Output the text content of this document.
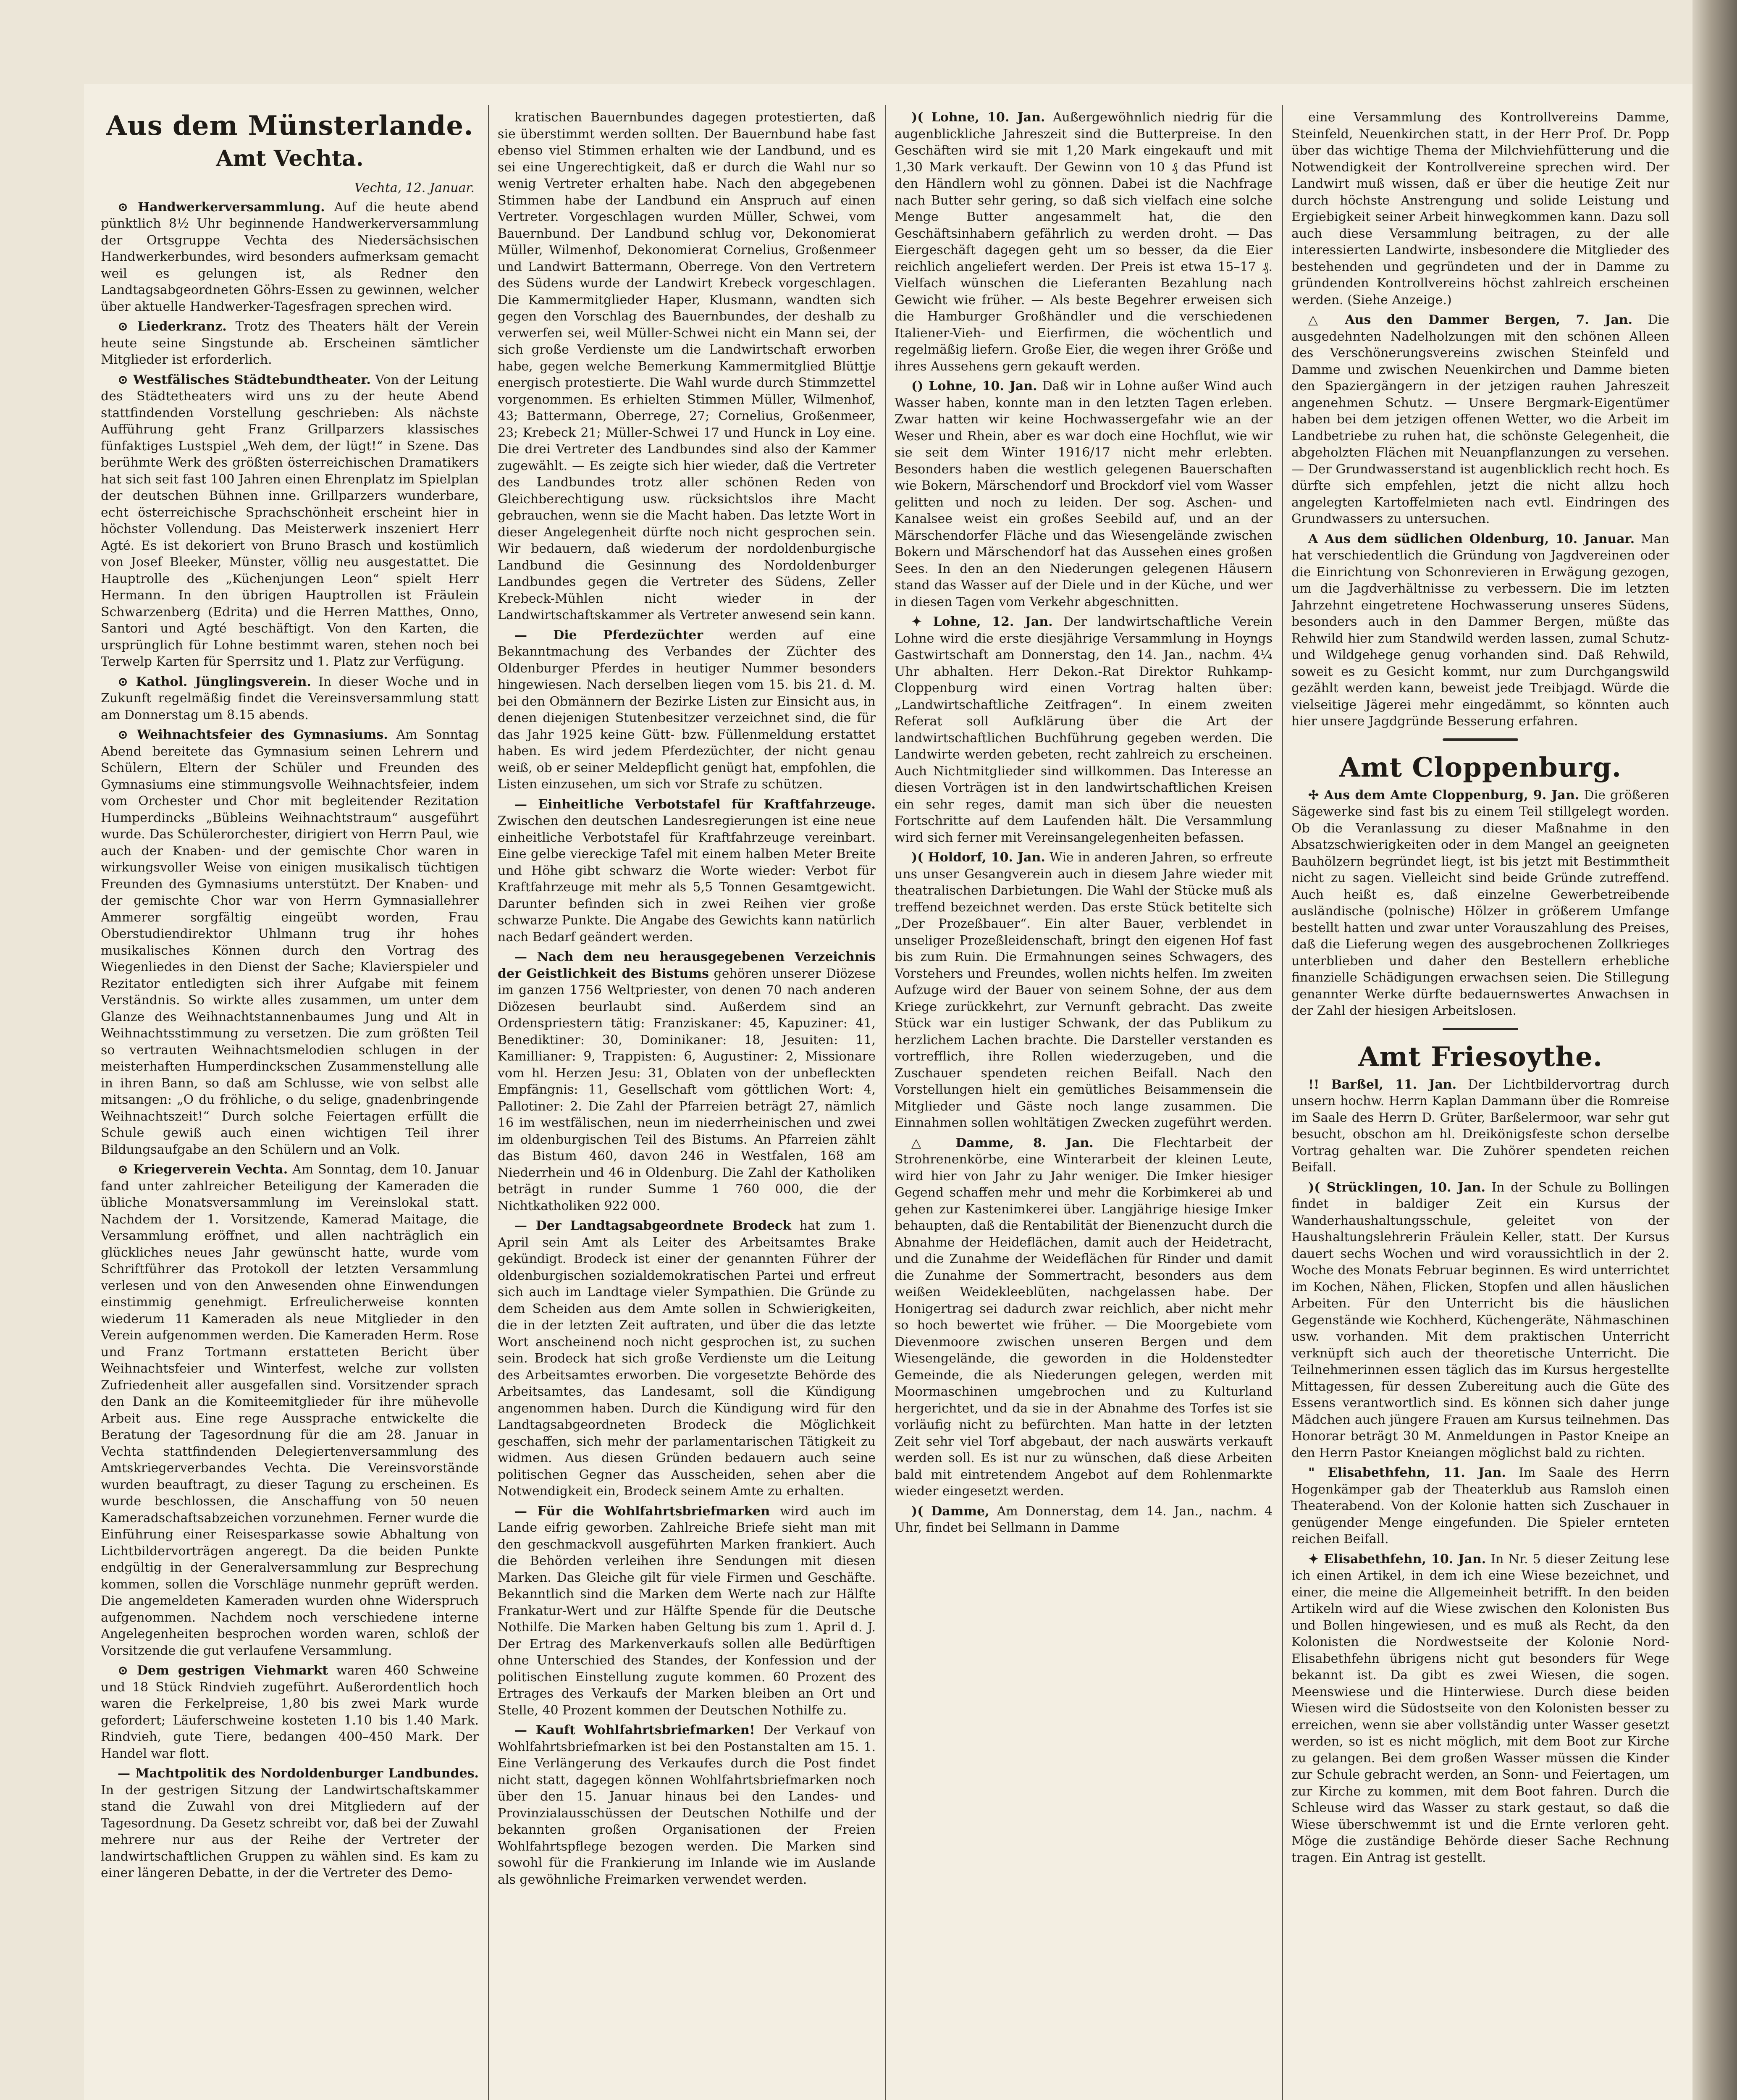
Aus dem Münsterlande.
Amt Vechta.
Vechta, 12. Januar.

⊙ Handwerkerversammlung. Auf die heute abend pünktlich 8½ Uhr beginnende Handwerkerversammlung der Ortsgruppe Vechta des Niedersächsischen Handwerkerbundes, wird besonders aufmerksam gemacht weil es gelungen ist, als Redner den Landtagsabgeordneten Göhrs-Essen zu gewinnen, welcher über aktuelle Handwerker-Tagesfragen sprechen wird.

⊙ Liederkranz. Trotz des Theaters hält der Verein heute seine Singstunde ab. Erscheinen sämtlicher Mitglieder ist erforderlich.

⊙ Westfälisches Städtebundtheater. Von der Leitung des Städtetheaters wird uns zu der heute Abend stattfindenden Vorstellung geschrieben: Als nächste Aufführung geht Franz Grillparzers klassisches fünfaktiges Lustspiel „Weh dem, der lügt!“ in Szene. Das berühmte Werk des größten österreichischen Dramatikers hat sich seit fast 100 Jahren einen Ehrenplatz im Spielplan der deutschen Bühnen inne. Grillparzers wunderbare, echt österreichische Sprachschönheit erscheint hier in höchster Vollendung. Das Meisterwerk inszeniert Herr Agté. Es ist dekoriert von Bruno Brasch und kostümlich von Josef Bleeker, Münster, völlig neu ausgestattet. Die Hauptrolle des „Küchenjungen Leon“ spielt Herr Hermann. In den übrigen Hauptrollen ist Fräulein Schwarzenberg (Edrita) und die Herren Matthes, Onno, Santori und Agté beschäftigt. Von den Karten, die ursprünglich für Lohne bestimmt waren, stehen noch bei Terwelp Karten für Sperrsitz und 1. Platz zur Verfügung.

⊙ Kathol. Jünglingsverein. In dieser Woche und in Zukunft regelmäßig findet die Vereinsversammlung statt am Donnerstag um 8.15 abends.

⊙ Weihnachtsfeier des Gymnasiums. Am Sonntag Abend bereitete das Gymnasium seinen Lehrern und Schülern, Eltern der Schüler und Freunden des Gymnasiums eine stimmungsvolle Weihnachtsfeier, indem vom Orchester und Chor mit begleitender Rezitation Humperdincks „Bübleins Weihnachtstraum“ ausgeführt wurde. Das Schülerorchester, dirigiert von Herrn Paul, wie auch der Knaben- und der gemischte Chor waren in wirkungsvoller Weise von einigen musikalisch tüchtigen Freunden des Gymnasiums unterstützt. Der Knaben- und der gemischte Chor war von Herrn Gymnasiallehrer Ammerer sorgfältig eingeübt worden, Frau Oberstudiendirektor Uhlmann trug ihr hohes musikalisches Können durch den Vortrag des Wiegenliedes in den Dienst der Sache; Klavierspieler und Rezitator entledigten sich ihrer Aufgabe mit feinem Verständnis. So wirkte alles zusammen, um unter dem Glanze des Weihnachtstannenbaumes Jung und Alt in Weihnachtsstimmung zu versetzen. Die zum größten Teil so vertrauten Weihnachtsmelodien schlugen in der meisterhaften Humperdinckschen Zusammenstellung alle in ihren Bann, so daß am Schlusse, wie von selbst alle mitsangen: „O du fröhliche, o du selige, gnadenbringende Weihnachtszeit!“ Durch solche Feiertagen erfüllt die Schule gewiß auch einen wichtigen Teil ihrer Bildungsaufgabe an den Schülern und an Volk.

⊙ Kriegerverein Vechta. Am Sonntag, dem 10. Januar fand unter zahlreicher Beteiligung der Kameraden die übliche Monatsversammlung im Vereinslokal statt. Nachdem der 1. Vorsitzende, Kamerad Maitage, die Versammlung eröffnet, und allen nachträglich ein glückliches neues Jahr gewünscht hatte, wurde vom Schriftführer das Protokoll der letzten Versammlung verlesen und von den Anwesenden ohne Einwendungen einstimmig genehmigt. Erfreulicherweise konnten wiederum 11 Kameraden als neue Mitglieder in den Verein aufgenommen werden. Die Kameraden Herm. Rose und Franz Tortmann erstatteten Bericht über Weihnachtsfeier und Winterfest, welche zur vollsten Zufriedenheit aller ausgefallen sind. Vorsitzender sprach den Dank an die Komiteemitglieder für ihre mühevolle Arbeit aus. Eine rege Aussprache entwickelte die Beratung der Tagesordnung für die am 28. Januar in Vechta stattfindenden Delegiertenversammlung des Amtskriegerverbandes Vechta. Die Vereinsvorstände wurden beauftragt, zu dieser Tagung zu erscheinen. Es wurde beschlossen, die Anschaffung von 50 neuen Kameradschaftsabzeichen vorzunehmen. Ferner wurde die Einführung einer Reisesparkasse sowie Abhaltung von Lichtbildervorträgen angeregt. Da die beiden Punkte endgültig in der Generalversammlung zur Besprechung kommen, sollen die Vorschläge nunmehr geprüft werden. Die angemeldeten Kameraden wurden ohne Widerspruch aufgenommen. Nachdem noch verschiedene interne Angelegenheiten besprochen worden waren, schloß der Vorsitzende die gut verlaufene Versammlung.

⊙ Dem gestrigen Viehmarkt waren 460 Schweine und 18 Stück Rindvieh zugeführt. Außerordentlich hoch waren die Ferkelpreise, 1,80 bis zwei Mark wurde gefordert; Läuferschweine kosteten 1.10 bis 1.40 Mark. Rindvieh, gute Tiere, bedangen 400–450 Mark. Der Handel war flott.

— Machtpolitik des Nordoldenburger Landbundes. In der gestrigen Sitzung der Landwirtschaftskammer stand die Zuwahl von drei Mitgliedern auf der Tagesordnung. Da Gesetz schreibt vor, daß bei der Zuwahl mehrere nur aus der Reihe der Vertreter der landwirtschaftlichen Gruppen zu wählen sind. Es kam zu einer längeren Debatte, in der die Vertreter des Demo-

kratischen Bauernbundes dagegen protestierten, daß sie überstimmt werden sollten. Der Bauernbund habe fast ebenso viel Stimmen erhalten wie der Landbund, und es sei eine Ungerechtigkeit, daß er durch die Wahl nur so wenig Vertreter erhalten habe. Nach den abgegebenen Stimmen habe der Landbund ein Anspruch auf einen Vertreter. Vorgeschlagen wurden Müller, Schwei, vom Bauernbund. Der Landbund schlug vor, Dekonomierat Müller, Wilmenhof, Dekonomierat Cornelius, Großenmeer und Landwirt Battermann, Oberrege. Von den Vertretern des Südens wurde der Landwirt Krebeck vorgeschlagen. Die Kammermitglieder Haper, Klusmann, wandten sich gegen den Vorschlag des Bauernbundes, der deshalb zu verwerfen sei, weil Müller-Schwei nicht ein Mann sei, der sich große Verdienste um die Landwirtschaft erworben habe, gegen welche Bemerkung Kammermitglied Blüttje energisch protestierte. Die Wahl wurde durch Stimmzettel vorgenommen. Es erhielten Stimmen Müller, Wilmenhof, 43; Battermann, Oberrege, 27; Cornelius, Großenmeer, 23; Krebeck 21; Müller-Schwei 17 und Hunck in Loy eine. Die drei Vertreter des Landbundes sind also der Kammer zugewählt. — Es zeigte sich hier wieder, daß die Vertreter des Landbundes trotz aller schönen Reden von Gleichberechtigung usw. rücksichtslos ihre Macht gebrauchen, wenn sie die Macht haben. Das letzte Wort in dieser Angelegenheit dürfte noch nicht gesprochen sein. Wir bedauern, daß wiederum der nordoldenburgische Landbund die Gesinnung des Nordoldenburger Landbundes gegen die Vertreter des Südens, Zeller Krebeck-Mühlen nicht wieder in der Landwirtschaftskammer als Vertreter anwesend sein kann.

— Die Pferdezüchter werden auf eine Bekanntmachung des Verbandes der Züchter des Oldenburger Pferdes in heutiger Nummer besonders hingewiesen. Nach derselben liegen vom 15. bis 21. d. M. bei den Obmännern der Bezirke Listen zur Einsicht aus, in denen diejenigen Stutenbesitzer verzeichnet sind, die für das Jahr 1925 keine Gütt- bzw. Füllenmeldung erstattet haben. Es wird jedem Pferdezüchter, der nicht genau weiß, ob er seiner Meldepflicht genügt hat, empfohlen, die Listen einzusehen, um sich vor Strafe zu schützen.

— Einheitliche Verbotstafel für Kraftfahrzeuge. Zwischen den deutschen Landesregierungen ist eine neue einheitliche Verbotstafel für Kraftfahrzeuge vereinbart. Eine gelbe viereckige Tafel mit einem halben Meter Breite und Höhe gibt schwarz die Worte wieder: Verbot für Kraftfahrzeuge mit mehr als 5,5 Tonnen Gesamtgewicht. Darunter befinden sich in zwei Reihen vier große schwarze Punkte. Die Angabe des Gewichts kann natürlich nach Bedarf geändert werden.

— Nach dem neu herausgegebenen Verzeichnis der Geistlichkeit des Bistums gehören unserer Diözese im ganzen 1756 Weltpriester, von denen 70 nach anderen Diözesen beurlaubt sind. Außerdem sind an Ordenspriestern tätig: Franziskaner: 45, Kapuziner: 41, Benediktiner: 30, Dominikaner: 18, Jesuiten: 11, Kamillianer: 9, Trappisten: 6, Augustiner: 2, Missionare vom hl. Herzen Jesu: 31, Oblaten von der unbefleckten Empfängnis: 11, Gesellschaft vom göttlichen Wort: 4, Pallotiner: 2. Die Zahl der Pfarreien beträgt 27, nämlich 16 im westfälischen, neun im niederrheinischen und zwei im oldenburgischen Teil des Bistums. An Pfarreien zählt das Bistum 460, davon 246 in Westfalen, 168 am Niederrhein und 46 in Oldenburg. Die Zahl der Katholiken beträgt in runder Summe 1 760 000, die der Nichtkatholiken 922 000.

— Der Landtagsabgeordnete Brodeck hat zum 1. April sein Amt als Leiter des Arbeitsamtes Brake gekündigt. Brodeck ist einer der genannten Führer der oldenburgischen sozialdemokratischen Partei und erfreut sich auch im Landtage vieler Sympathien. Die Gründe zu dem Scheiden aus dem Amte sollen in Schwierigkeiten, die in der letzten Zeit auftraten, und über die das letzte Wort anscheinend noch nicht gesprochen ist, zu suchen sein. Brodeck hat sich große Verdienste um die Leitung des Arbeitsamtes erworben. Die vorgesetzte Behörde des Arbeitsamtes, das Landesamt, soll die Kündigung angenommen haben. Durch die Kündigung wird für den Landtagsabgeordneten Brodeck die Möglichkeit geschaffen, sich mehr der parlamentarischen Tätigkeit zu widmen. Aus diesen Gründen bedauern auch seine politischen Gegner das Ausscheiden, sehen aber die Notwendigkeit ein, Brodeck seinem Amte zu erhalten.

— Für die Wohlfahrtsbriefmarken wird auch im Lande eifrig geworben. Zahlreiche Briefe sieht man mit den geschmackvoll ausgeführten Marken frankiert. Auch die Behörden verleihen ihre Sendungen mit diesen Marken. Das Gleiche gilt für viele Firmen und Geschäfte. Bekanntlich sind die Marken dem Werte nach zur Hälfte Frankatur-Wert und zur Hälfte Spende für die Deutsche Nothilfe. Die Marken haben Geltung bis zum 1. April d. J. Der Ertrag des Markenverkaufs sollen alle Bedürftigen ohne Unterschied des Standes, der Konfession und der politischen Einstellung zugute kommen. 60 Prozent des Ertrages des Verkaufs der Marken bleiben an Ort und Stelle, 40 Prozent kommen der Deutschen Nothilfe zu.

— Kauft Wohlfahrtsbriefmarken! Der Verkauf von Wohlfahrtsbriefmarken ist bei den Postanstalten am 15. 1. Eine Verlängerung des Verkaufes durch die Post findet nicht statt, dagegen können Wohlfahrtsbriefmarken noch über den 15. Januar hinaus bei den Landes- und Provinzialausschüssen der Deutschen Nothilfe und der bekannten großen Organisationen der Freien Wohlfahrtspflege bezogen werden. Die Marken sind sowohl für die Frankierung im Inlande wie im Auslande als gewöhnliche Freimarken verwendet werden.

)( Lohne, 10. Jan. Außergewöhnlich niedrig für die augenblickliche Jahreszeit sind die Butterpreise. In den Geschäften wird sie mit 1,20 Mark eingekauft und mit 1,30 Mark verkauft. Der Gewinn von 10 ₰ das Pfund ist den Händlern wohl zu gönnen. Dabei ist die Nachfrage nach Butter sehr gering, so daß sich vielfach eine solche Menge Butter angesammelt hat, die den Geschäftsinhabern gefährlich zu werden droht. — Das Eiergeschäft dagegen geht um so besser, da die Eier reichlich angeliefert werden. Der Preis ist etwa 15–17 ₰. Vielfach wünschen die Lieferanten Bezahlung nach Gewicht wie früher. — Als beste Begehrer erweisen sich die Hamburger Großhändler und die verschiedenen Italiener-Vieh- und Eierfirmen, die wöchentlich und regelmäßig liefern. Große Eier, die wegen ihrer Größe und ihres Aussehens gern gekauft werden.

() Lohne, 10. Jan. Daß wir in Lohne außer Wind auch Wasser haben, konnte man in den letzten Tagen erleben. Zwar hatten wir keine Hochwassergefahr wie an der Weser und Rhein, aber es war doch eine Hochflut, wie wir sie seit dem Winter 1916/17 nicht mehr erlebten. Besonders haben die westlich gelegenen Bauerschaften wie Bokern, Märschendorf und Brockdorf viel vom Wasser gelitten und noch zu leiden. Der sog. Aschen- und Kanalsee weist ein großes Seebild auf, und an der Märschendorfer Fläche und das Wiesengelände zwischen Bokern und Märschendorf hat das Aussehen eines großen Sees. In den an den Niederungen gelegenen Häusern stand das Wasser auf der Diele und in der Küche, und wer in diesen Tagen vom Verkehr abgeschnitten.

✦ Lohne, 12. Jan. Der landwirtschaftliche Verein Lohne wird die erste diesjährige Versammlung in Hoyngs Gastwirtschaft am Donnerstag, den 14. Jan., nachm. 4¼ Uhr abhalten. Herr Dekon.-Rat Direktor Ruhkamp-Cloppenburg wird einen Vortrag halten über: „Landwirtschaftliche Zeitfragen“. In einem zweiten Referat soll Aufklärung über die Art der landwirtschaftlichen Buchführung gegeben werden. Die Landwirte werden gebeten, recht zahlreich zu erscheinen. Auch Nichtmitglieder sind willkommen. Das Interesse an diesen Vorträgen ist in den landwirtschaftlichen Kreisen ein sehr reges, damit man sich über die neuesten Fortschritte auf dem Laufenden hält. Die Versammlung wird sich ferner mit Vereinsangelegenheiten befassen.

)( Holdorf, 10. Jan. Wie in anderen Jahren, so erfreute uns unser Gesangverein auch in diesem Jahre wieder mit theatralischen Darbietungen. Die Wahl der Stücke muß als treffend bezeichnet werden. Das erste Stück betitelte sich „Der Prozeßbauer“. Ein alter Bauer, verblendet in unseliger Prozeßleidenschaft, bringt den eigenen Hof fast bis zum Ruin. Die Ermahnungen seines Schwagers, des Vorstehers und Freundes, wollen nichts helfen. Im zweiten Aufzuge wird der Bauer von seinem Sohne, der aus dem Kriege zurückkehrt, zur Vernunft gebracht. Das zweite Stück war ein lustiger Schwank, der das Publikum zu herzlichem Lachen brachte. Die Darsteller verstanden es vortrefflich, ihre Rollen wiederzugeben, und die Zuschauer spendeten reichen Beifall. Nach den Vorstellungen hielt ein gemütliches Beisammensein die Mitglieder und Gäste noch lange zusammen. Die Einnahmen sollen wohltätigen Zwecken zugeführt werden.

△ Damme, 8. Jan. Die Flechtarbeit der Strohrenenkörbe, eine Winterarbeit der kleinen Leute, wird hier von Jahr zu Jahr weniger. Die Imker hiesiger Gegend schaffen mehr und mehr die Korbimkerei ab und gehen zur Kastenimkerei über. Langjährige hiesige Imker behaupten, daß die Rentabilität der Bienenzucht durch die Abnahme der Heideflächen, damit auch der Heidetracht, und die Zunahme der Weideflächen für Rinder und damit die Zunahme der Sommertracht, besonders aus dem weißen Weidekleeblüten, nachgelassen habe. Der Honigertrag sei dadurch zwar reichlich, aber nicht mehr so hoch bewertet wie früher. — Die Moorgebiete vom Dievenmoore zwischen unseren Bergen und dem Wiesengelände, die geworden in die Holdenstedter Gemeinde, die als Niederungen gelegen, werden mit Moormaschinen umgebrochen und zu Kulturland hergerichtet, und da sie in der Abnahme des Torfes ist sie vorläufig nicht zu befürchten. Man hatte in der letzten Zeit sehr viel Torf abgebaut, der nach auswärts verkauft werden soll. Es ist nur zu wünschen, daß diese Arbeiten bald mit eintretendem Angebot auf dem Rohlenmarkte wieder eingesetzt werden.

)( Damme, Am Donnerstag, dem 14. Jan., nachm. 4 Uhr, findet bei Sellmann in Damme

eine Versammlung des Kontrollvereins Damme, Steinfeld, Neuenkirchen statt, in der Herr Prof. Dr. Popp über das wichtige Thema der Milchviehfütterung und die Notwendigkeit der Kontrollvereine sprechen wird. Der Landwirt muß wissen, daß er über die heutige Zeit nur durch höchste Anstrengung und solide Leistung und Ergiebigkeit seiner Arbeit hinwegkommen kann. Dazu soll auch diese Versammlung beitragen, zu der alle interessierten Landwirte, insbesondere die Mitglieder des bestehenden und gegründeten und der in Damme zu gründenden Kontrollvereins höchst zahlreich erscheinen werden. (Siehe Anzeige.)

△ Aus den Dammer Bergen, 7. Jan. Die ausgedehnten Nadelholzungen mit den schönen Alleen des Verschönerungsvereins zwischen Steinfeld und Damme und zwischen Neuenkirchen und Damme bieten den Spaziergängern in der jetzigen rauhen Jahreszeit angenehmen Schutz. — Unsere Bergmark-Eigentümer haben bei dem jetzigen offenen Wetter, wo die Arbeit im Landbetriebe zu ruhen hat, die schönste Gelegenheit, die abgeholzten Flächen mit Neuanpflanzungen zu versehen. — Der Grundwasserstand ist augenblicklich recht hoch. Es dürfte sich empfehlen, jetzt die nicht allzu hoch angelegten Kartoffelmieten nach evtl. Eindringen des Grundwassers zu untersuchen.

A Aus dem südlichen Oldenburg, 10. Januar. Man hat verschiedentlich die Gründung von Jagdvereinen oder die Einrichtung von Schonrevieren in Erwägung gezogen, um die Jagdverhältnisse zu verbessern. Die im letzten Jahrzehnt eingetretene Hochwasserung unseres Südens, besonders auch in den Dammer Bergen, müßte das Rehwild hier zum Standwild werden lassen, zumal Schutz- und Wildgehege genug vorhanden sind. Daß Rehwild, soweit es zu Gesicht kommt, nur zum Durchgangswild gezählt werden kann, beweist jede Treibjagd. Würde die vielseitige Jägerei mehr eingedämmt, so könnten auch hier unsere Jagdgründe Besserung erfahren.

Amt Cloppenburg.

✢ Aus dem Amte Cloppenburg, 9. Jan. Die größeren Sägewerke sind fast bis zu einem Teil stillgelegt worden. Ob die Veranlassung zu dieser Maßnahme in den Absatzschwierigkeiten oder in dem Mangel an geeigneten Bauhölzern begründet liegt, ist bis jetzt mit Bestimmtheit nicht zu sagen. Vielleicht sind beide Gründe zutreffend. Auch heißt es, daß einzelne Gewerbetreibende ausländische (polnische) Hölzer in größerem Umfange bestellt hatten und zwar unter Vorauszahlung des Preises, daß die Lieferung wegen des ausgebrochenen Zollkrieges unterblieben und daher den Bestellern erhebliche finanzielle Schädigungen erwachsen seien. Die Stillegung genannter Werke dürfte bedauernswertes Anwachsen in der Zahl der hiesigen Arbeitslosen.

Amt Friesoythe.

!! Barßel, 11. Jan. Der Lichtbildervortrag durch unsern hochw. Herrn Kaplan Dammann über die Romreise im Saale des Herrn D. Grüter, Barßelermoor, war sehr gut besucht, obschon am hl. Dreikönigsfeste schon derselbe Vortrag gehalten war. Die Zuhörer spendeten reichen Beifall.

)( Strücklingen, 10. Jan. In der Schule zu Bollingen findet in baldiger Zeit ein Kursus der Wanderhaushaltungsschule, geleitet von der Haushaltungslehrerin Fräulein Keller, statt. Der Kursus dauert sechs Wochen und wird voraussichtlich in der 2. Woche des Monats Februar beginnen. Es wird unterrichtet im Kochen, Nähen, Flicken, Stopfen und allen häuslichen Arbeiten. Für den Unterricht bis die häuslichen Gegenstände wie Kochherd, Küchengeräte, Nähmaschinen usw. vorhanden. Mit dem praktischen Unterricht verknüpft sich auch der theoretische Unterricht. Die Teilnehmerinnen essen täglich das im Kursus hergestellte Mittagessen, für dessen Zubereitung auch die Güte des Essens verantwortlich sind. Es können sich daher junge Mädchen auch jüngere Frauen am Kursus teilnehmen. Das Honorar beträgt 30 M. Anmeldungen in Pastor Kneipe an den Herrn Pastor Kneiangen möglichst bald zu richten.

" Elisabethfehn, 11. Jan. Im Saale des Herrn Hogenkämper gab der Theaterklub aus Ramsloh einen Theaterabend. Von der Kolonie hatten sich Zuschauer in genügender Menge eingefunden. Die Spieler ernteten reichen Beifall.

✦ Elisabethfehn, 10. Jan. In Nr. 5 dieser Zeitung lese ich einen Artikel, in dem ich eine Wiese bezeichnet, und einer, die meine die Allgemeinheit betrifft. In den beiden Artikeln wird auf die Wiese zwischen den Kolonisten Bus und Bollen hingewiesen, und es muß als Recht, da den Kolonisten die Nordwestseite der Kolonie Nord-Elisabethfehn übrigens nicht gut besonders für Wege bekannt ist. Da gibt es zwei Wiesen, die sogen. Meenswiese und die Hinterwiese. Durch diese beiden Wiesen wird die Südostseite von den Kolonisten besser zu erreichen, wenn sie aber vollständig unter Wasser gesetzt werden, so ist es nicht möglich, mit dem Boot zur Kirche zu gelangen. Bei dem großen Wasser müssen die Kinder zur Schule gebracht werden, an Sonn- und Feiertagen, um zur Kirche zu kommen, mit dem Boot fahren. Durch die Schleuse wird das Wasser zu stark gestaut, so daß die Wiese überschwemmt ist und die Ernte verloren geht. Möge die zuständige Behörde dieser Sache Rechnung tragen. Ein Antrag ist gestellt.
